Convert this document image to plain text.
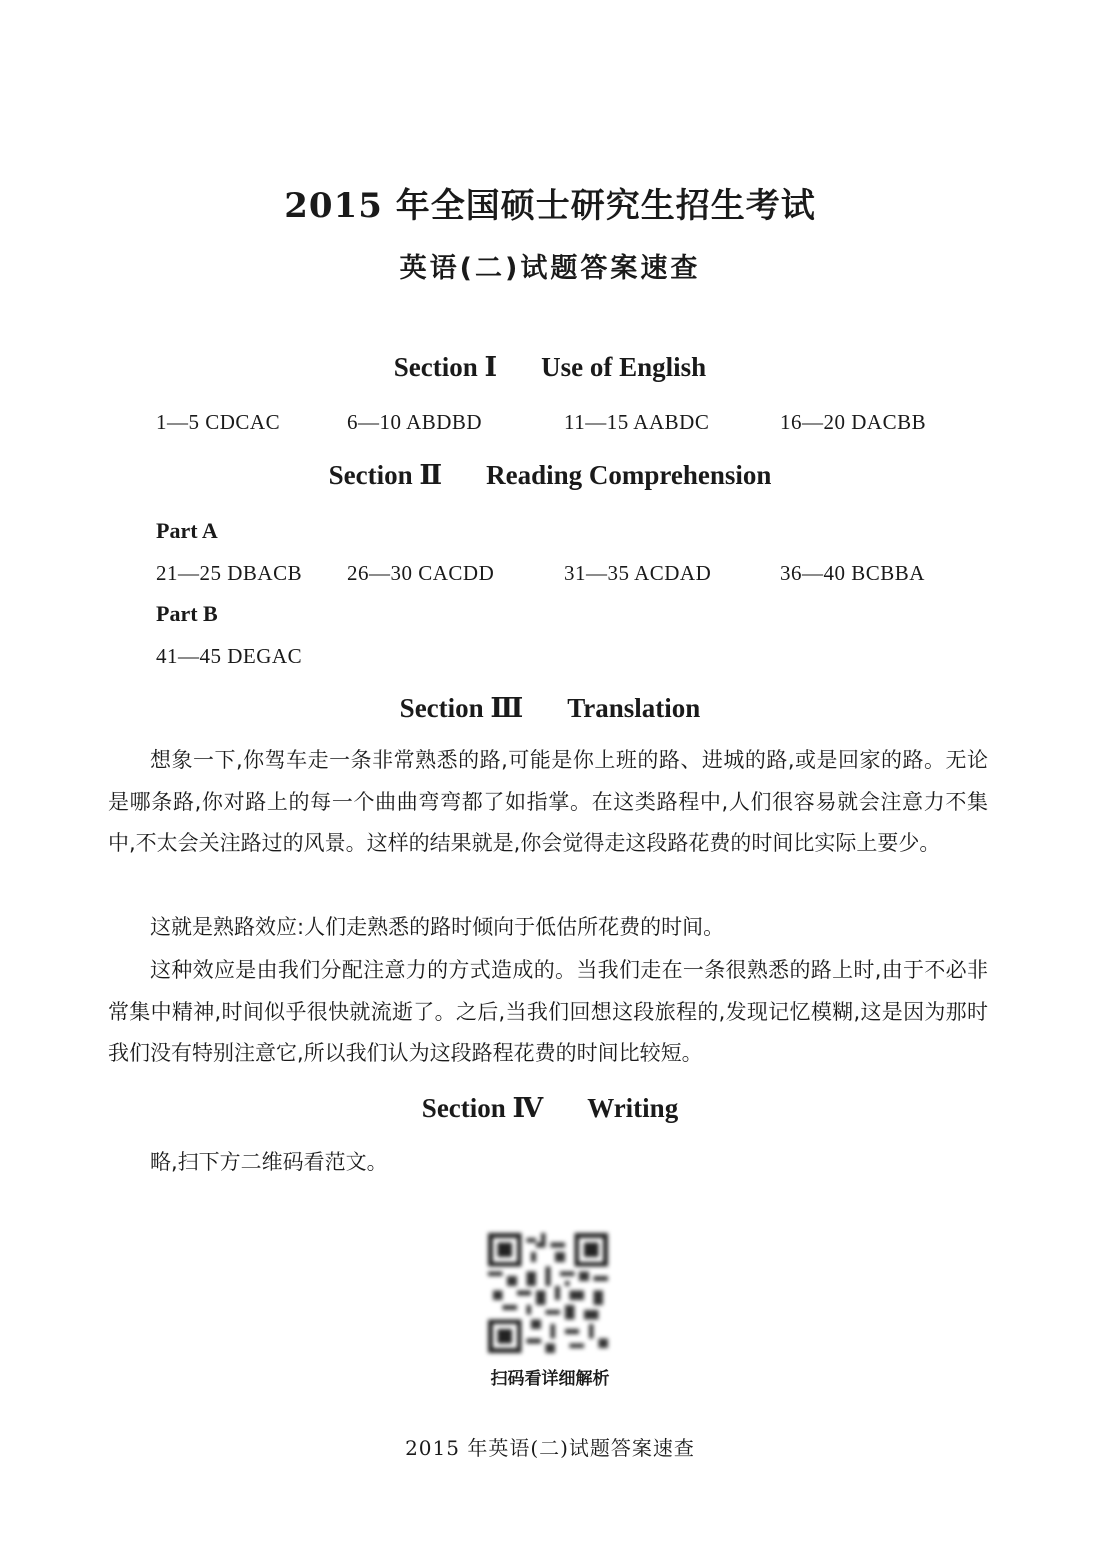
2015 年全国硕士研究生招生考试
英语(二)试题答案速查
Section Ⅰ Use of English
1—5 CDCAC	6—10 ABDBD	11—15 AABDC	16—20 DACBB
Section Ⅱ Reading Comprehension
Part A
21—25 DBACB 26—30 CACDD	31—35 ACDAD	36—40 BCBBA
Part B
41—45 DEGAC
Section Ⅲ Translation
想象一下,你驾车走一条非常熟悉的路,可能是你上班的路、进城的路,或是回家的路。无论是哪条路,你对路上的每一个曲曲弯弯都了如指掌。在这类路程中,人们很容易就会注意力不集中,不太会关注路过的风景。这样的结果就是,你会觉得走这段路花费的时间比实际上要少。
这就是熟路效应:人们走熟悉的路时倾向于低估所花费的时间。
这种效应是由我们分配注意力的方式造成的。当我们走在一条很熟悉的路上时,由于不必非常集中精神,时间似乎很快就流逝了。之后,当我们回想这段旅程的,发现记忆模糊,这是因为那时我们没有特别注意它,所以我们认为这段路程花费的时间比较短。
Section Ⅳ Writing
略,扫下方二维码看范文。
扫码看详细解析
2015 年英语(二)试题答案速查
